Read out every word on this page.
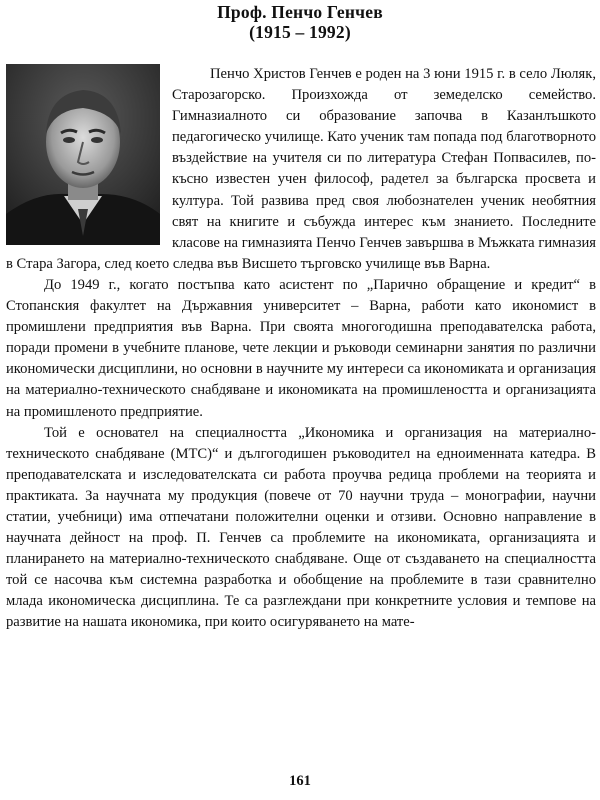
Проф. Пенчо Генчев
(1915 – 1992)

Пенчо Христов Генчев е роден на 3 юни 1915 г. в село Люляк, Старозагорско. Произхожда от земеделско семейство. Гимназиалното си образование започва в Казанлъшкото педагогическо училище. Като ученик там попада под благотворното въздействие на учителя си по литература Стефан Попвасилев, по-късно известен учен философ, радетел за българска просвета и култура. Той развива пред своя любознателен ученик необятния свят на книгите и събужда интерес към знанието. Последните класове на гимназията Пенчо Генчев завършва в Мъжката гимназия в Стара Загора, след което следва във Висшето търговско училище във Варна.

До 1949 г., когато постъпва като асистент по „Парично обращение и кредит“ в Стопанския факултет на Държавния университет – Варна, работи като икономист в промишлени предприятия във Варна. При своята многогодишна преподавателска работа, поради промени в учебните планове, чете лекции и ръководи семинарни занятия по различни икономически дисциплини, но основни в научните му интереси са икономиката и организация на материално-техническото снабдяване и икономиката на промишлеността и организацията на промишленото предприятие.

Той е основател на специалността „Икономика и организация на материално-техническото снабдяване (МТС)“ и дългогодишен ръководител на едноименната катедра. В преподавателската и изследователската си работа проучва редица проблеми на теорията и практиката. За научната му продукция (повече от 70 научни труда – монографии, научни статии, учебници) има отпечатани положителни оценки и отзиви. Основно направление в научната дейност на проф. П. Генчев са проблемите на икономиката, организацията и планирането на материално-техническото снабдяване. Още от създаването на специалността той се насочва към системна разработка и обобщение на проблемите в тази сравнително млада икономическа дисциплина. Те са разглеждани при конкретните условия и темпове на развитие на нашата икономика, при които осигуряването на мате-

161
